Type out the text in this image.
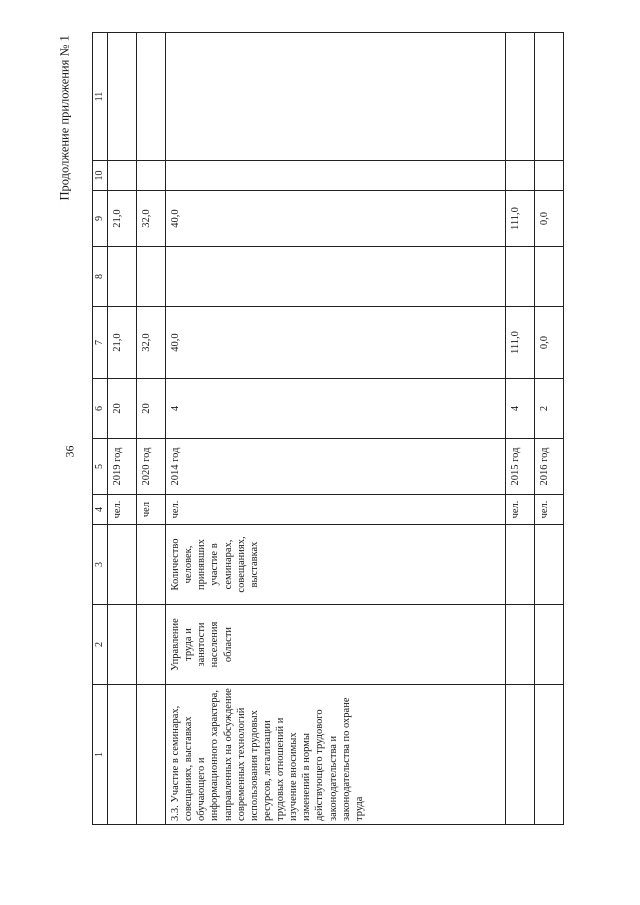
36
Продолжение приложения № 1
1	2	3	4	5	6	7	8	9	10	11
			чел.	2019 год	20	21,0		21,0		
			чел	2020 год	20	32,0		32,0		
3.3. Участие в семинарах, совещаниях, выставках обучающего и информационного характера, направленных на обсуждение современных технологий использования трудовых ресурсов, легализации трудовых отношений и изучение вносимых изменений в нормы действующего трудового законодательства и законодательства по охране труда	Управление труда и занятости населения области	Количество человек, принявших участие в семинарах, совещаниях, выставках	чел.	2014 год	4	40,0		40,0		
			чел.	2015 год	4	111,0		111,0		
			чел.	2016 год	2	0,0		0,0		
